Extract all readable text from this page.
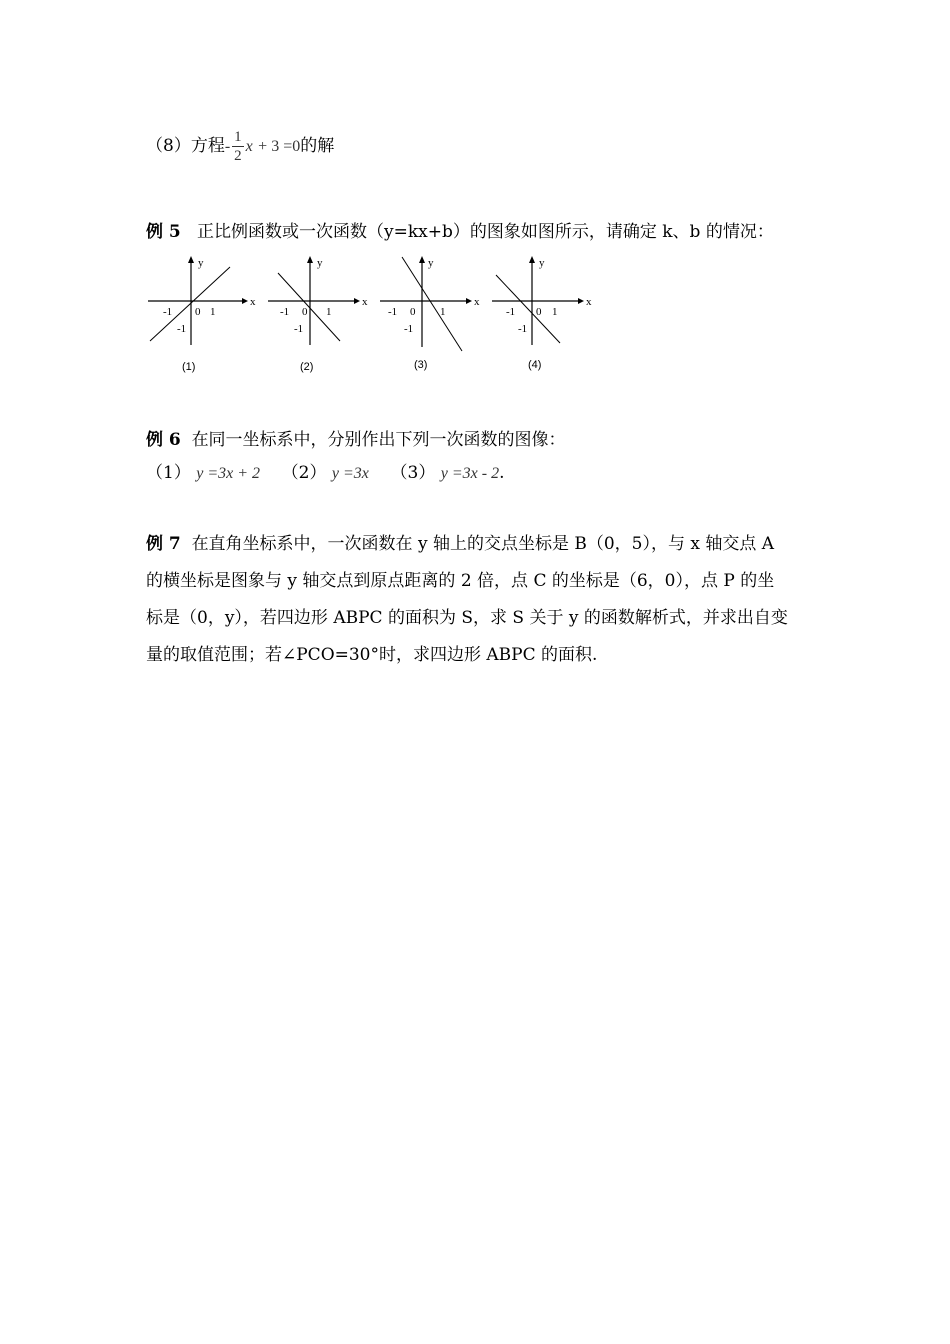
（8）方程- $\frac{1}{2}$ x + 3 =0的解
例 5 正比例函数或一次函数（y=kx+b）的图象如图所示，请确定 k、b 的情况：
x
y
-1 0 1
-1
(1)
x
y
-1 0 1
-1
(2)
x
y
-1 0 1
-1
(3)
x
y
-1 0 1
-1
(4)
例 6 在同一坐标系中，分别作出下列一次函数的图像：
（1） y =3x + 2 （2） y =3x （3） y =3x - 2.
例 7 在直角坐标系中，一次函数在 y 轴上的交点坐标是 B（0，5），与 x 轴交点 A
的横坐标是图象与 y 轴交点到原点距离的 2 倍，点 C 的坐标是（6，0），点 P 的坐
标是（0，y），若四边形 ABPC 的面积为 S，求 S 关于 y 的函数解析式，并求出自变
量的取值范围；若∠PCO=30°时，求四边形 ABPC 的面积.
